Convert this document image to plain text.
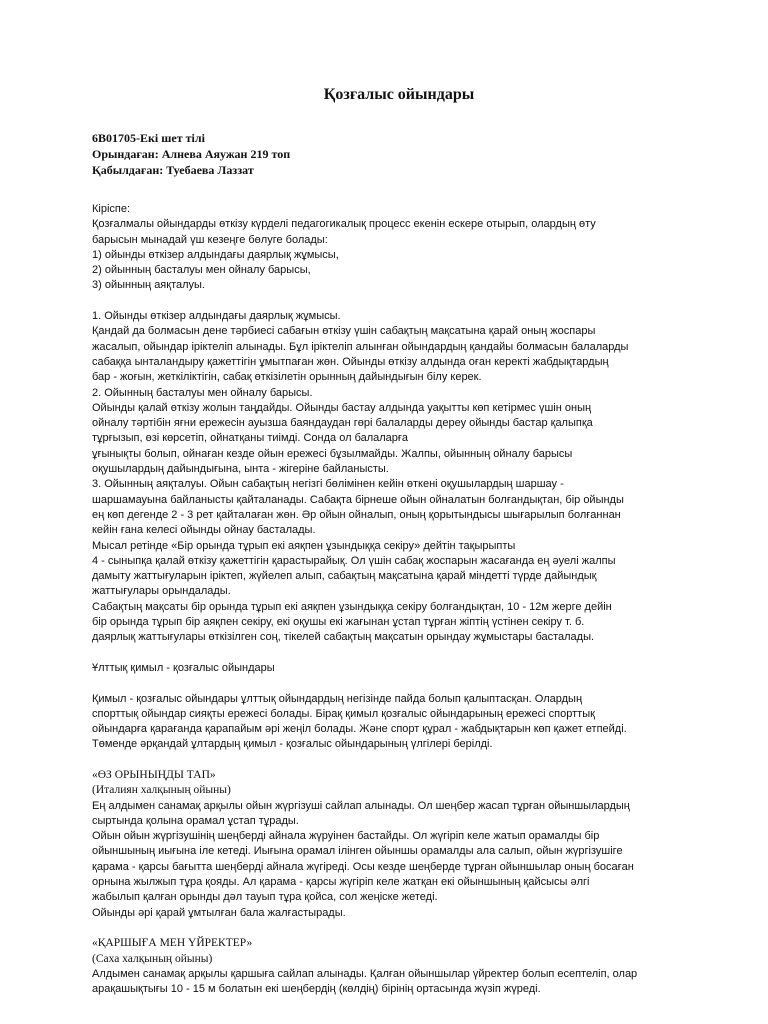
Қозғалыс ойындары
6В01705-Екі шет тілі
Орындаған: Алнева Аяужан 219 топ
Қабылдаған: Туебаева Лаззат
Кіріспе:
Қозғалмалы ойындарды өткізу күрделі педагогикалық процесс екенін ескере отырып, олардың өту
барысын мынадай үш кезеңге бөлуге болады:
1) ойынды өткізер алдындағы даярлық жұмысы,
2) ойынның басталуы мен ойналу барысы,
3) ойынның аяқталуы.
1. Ойынды өткізер алдындағы даярлық жұмысы.
Қандай да болмасын дене тәрбиесі сабағын өткізу үшін сабақтың мақсатына қарай оның жоспары
жасалып, ойындар іріктеліп алынады. Бұл іріктеліп алынған ойындардың қандайы болмасын балаларды
сабаққа ынталандыру қажеттігін ұмытпаған жөн. Ойынды өткізу алдында оған керекті жабдықтардың
бар - жоғын, жеткіліктігін, сабақ өткізілетін орынның дайындығын білу керек.
2. Ойынның басталуы мен ойналу барысы.
Ойынды қалай өткізу жолын таңдайды. Ойынды бастау алдында уақытты көп кетірмес үшін оның
ойналу тәртібін яғни ережесін ауызша баяндаудан гөрі балаларды дереу ойынды бастар қалыпқа
тұрғызып, өзі көрсетіп, ойнатқаны тиімді. Сонда ол балаларға
ұғынықты болып, ойнаған кезде ойын ережесі бұзылмайды. Жалпы, ойынның ойналу барысы
оқушылардың дайындығына, ынта - жігеріне байланысты.
3. Ойынның аяқталуы. Ойын сабақтың негізгі бөлімінен кейін өткені оқушылардың шаршау -
шаршамауына байланысты қайталанады. Сабақта бірнеше ойын ойналатын болғандықтан, бір ойынды
ең көп дегенде 2 - 3 рет қайталаған жөн. Әр ойын ойналып, оның қорытындысы шығарылып болғаннан
кейін ғана келесі ойынды ойнау басталады.
Мысал ретінде «Бір орында тұрып екі аяқпен ұзындыққа секіру» дейтін тақырыпты
4 - сыныпқа қалай өткізу қажеттігін қарастырайық. Ол үшін сабақ жоспарын жасағанда ең әуелі жалпы
дамыту жаттығуларын іріктеп, жүйелеп алып, сабақтың мақсатына қарай міндетті түрде дайындық
жаттығулары орындалады.
Сабақтың мақсаты бір орында тұрып екі аяқпен ұзындыққа секіру болғандықтан, 10 - 12м жерге дейін
бір орында тұрып бір аяқпен секіру, екі оқушы екі жағынан ұстап тұрған жіптің үстінен секіру т. б.
даярлық жаттығулары өткізілген соң, тікелей сабақтың мақсатын орындау жұмыстары басталады.
Ұлттық қимыл - қозғалыс ойындары
Қимыл - қозғалыс ойындары ұлттық ойындардың негізінде пайда болып қалыптасқан. Олардың
спорттық ойындар сияқты ережесі болады. Бірақ қимыл қозғалыс ойындарының ережесі спорттық
ойындарға қарағанда қарапайым әрі жеңіл болады. Және спорт құрал - жабдықтарын көп қажет етпейді.
Төменде әрқандай ұлтардың қимыл - қозғалыс ойындарының үлгілері берілді.
«ӨЗ ОРЫНЫҢДЫ ТАП»
(Италиян халқының ойыны)
Ең алдымен санамақ арқылы ойын жүргізуші сайлап алынады. Ол шеңбер жасап тұрған ойыншылардың
сыртында қолына орамал ұстап тұрады.
Ойын ойын жүргізушінің шеңберді айнала жүруінен бастайды. Ол жүгіріп келе жатып орамалды бір
ойыншының иығына іле кетеді. Иығына орамал ілінген ойыншы орамалды ала салып, ойын жүргізушіге
қарама - қарсы бағытта шеңберді айнала жүгіреді. Осы кезде шеңберде тұрған ойыншылар оның босаған
орнына жылжып тұра қояды. Ал қарама - қарсы жүгіріп келе жатқан екі ойыншының қайсысы әлгі
жабылып қалған орынды дәл тауып тұра қойса, сол жеңіске жетеді.
Ойынды әрі қарай ұмтылған бала жалғастырады.
«ҚАРШЫҒА МЕН ҮЙРЕКТЕР»
(Саха халқының ойыны)
Алдымен санамақ арқылы қаршыға сайлап алынады. Қалған ойыншылар үйректер болып есептеліп, олар
арақашықтығы 10 - 15 м болатын екі шеңбердің (көлдің) бірінің ортасында жүзіп жүреді.
